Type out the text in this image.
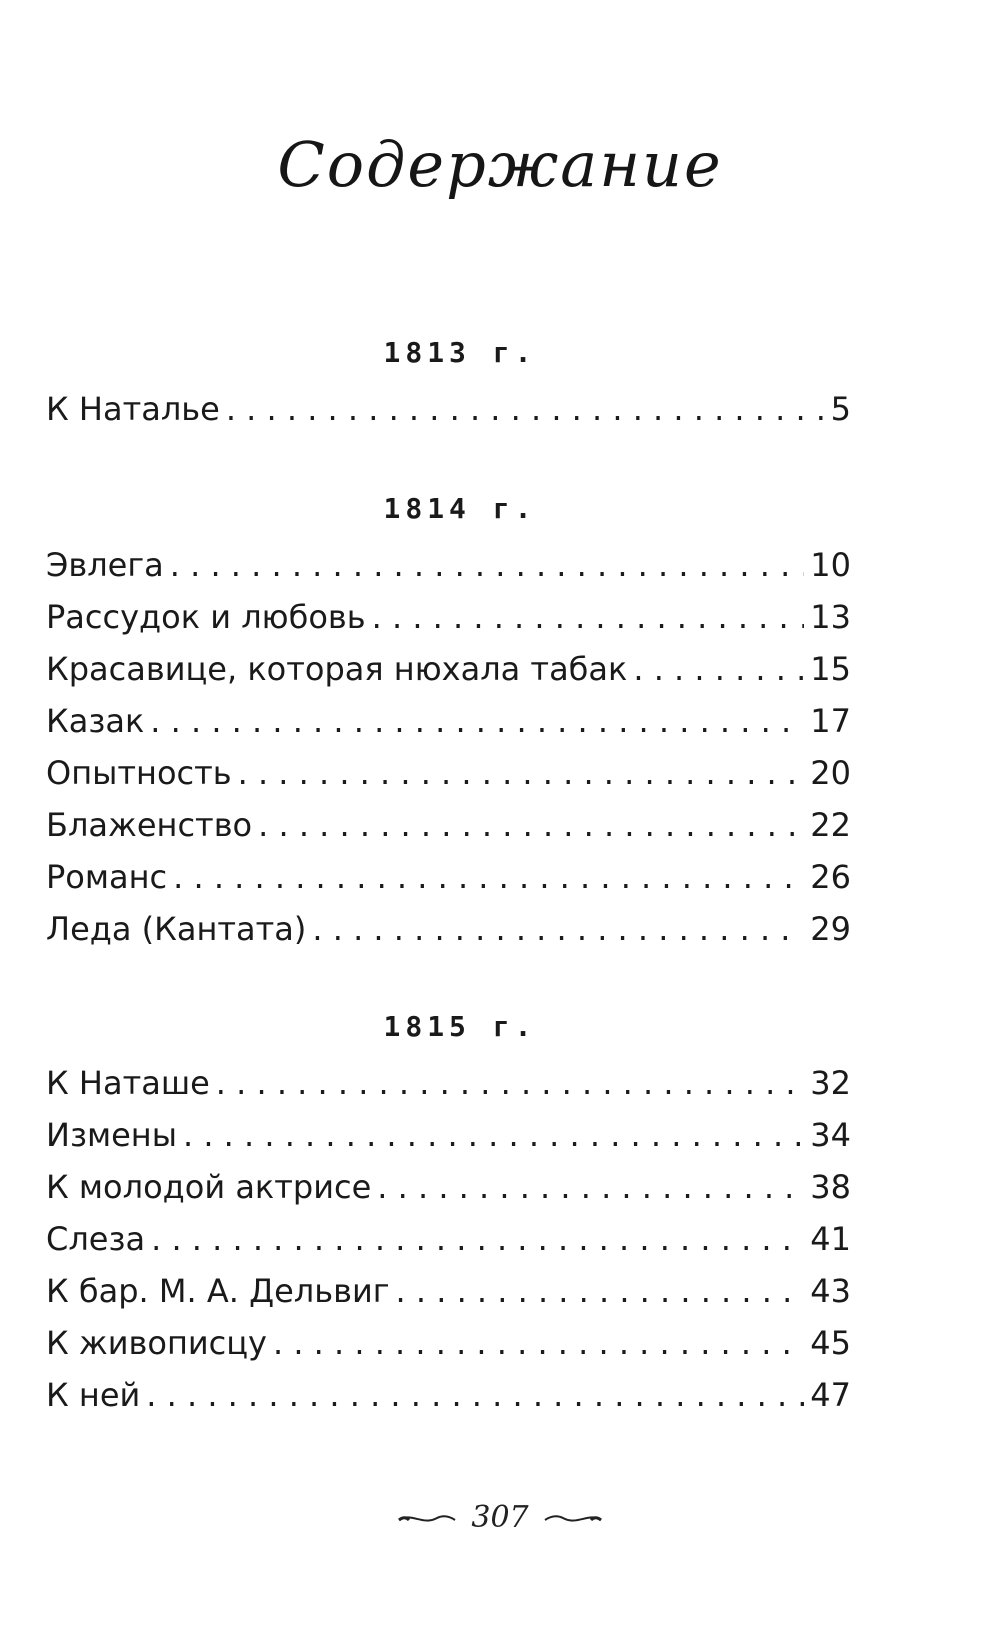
Содержание
1813 г.
К Наталье . . .	5
1814 г.
Эвлега . . .	10
Рассудок и любовь . . .	13
Красавице, которая нюхала табак . . .	15
Казак . . .	17
Опытность . . .	20
Блаженство . . .	22
Романс . . .	26
Леда (Кантата) . . .	29
1815 г.
К Наташе . . .	32
Измены . . .	34
К молодой актрисе . . .	38
Слеза . . .	41
К бар. М. А. Дельвиг . . .	43
К живописцу . . .	45
К ней . . .	47
307
